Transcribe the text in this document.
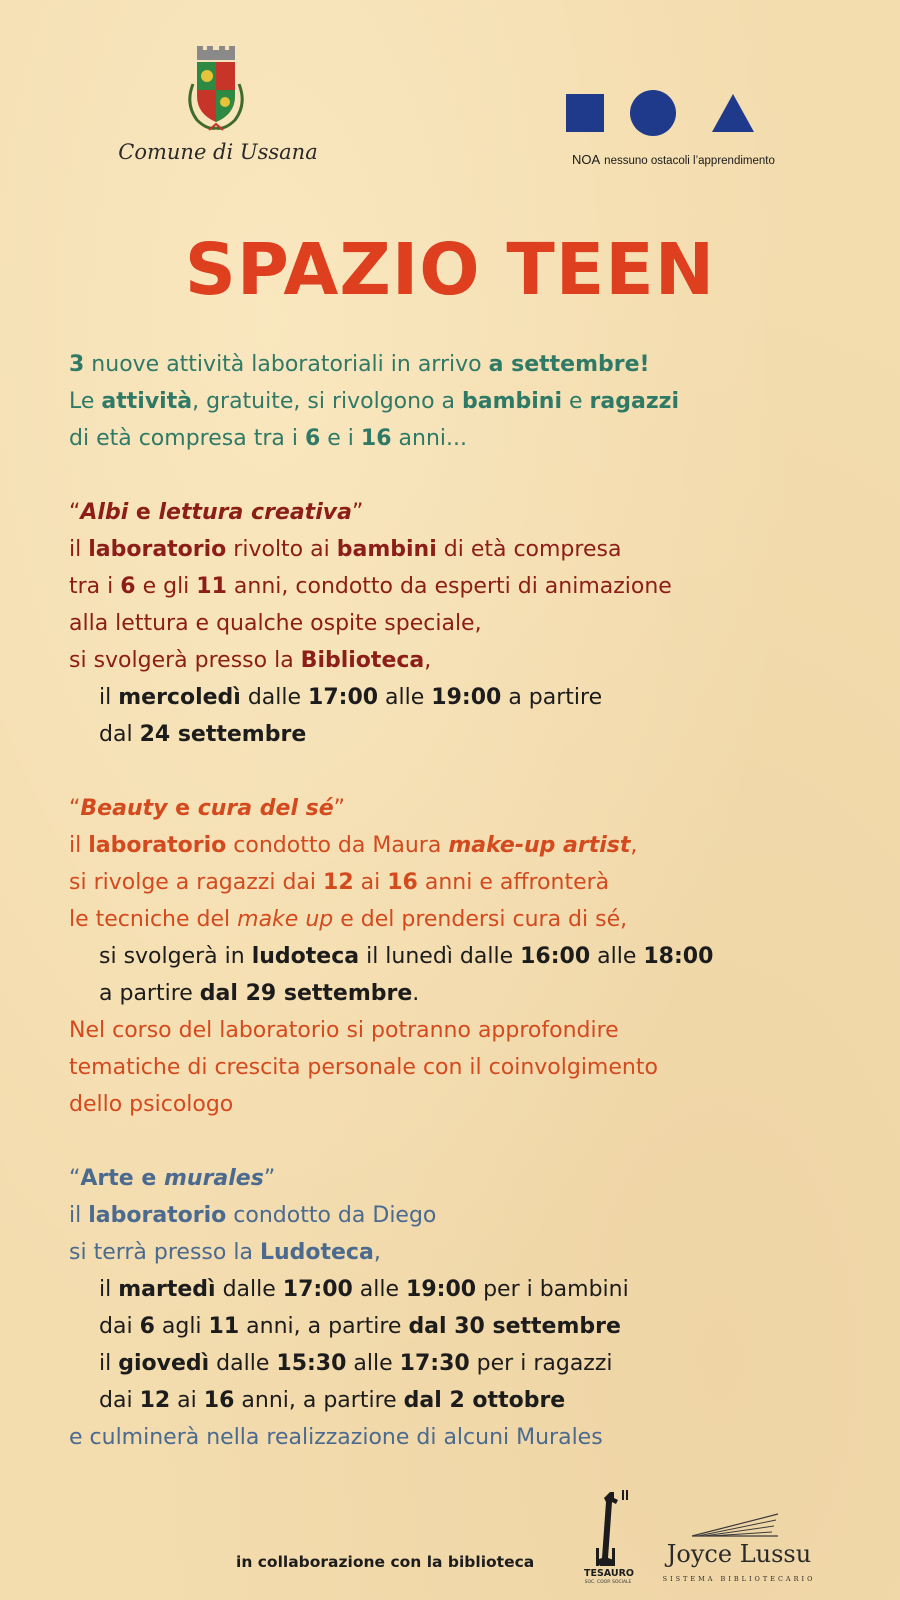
Comune di Ussana	NOA nessuno ostacoli l’apprendimento
SPAZIO TEEN
3 nuove attività laboratoriali in arrivo a settembre!
Le attività, gratuite, si rivolgono a bambini e ragazzi
di età compresa tra i 6 e i 16 anni...
“Albi e lettura creativa”
il laboratorio rivolto ai bambini di età compresa
tra i 6 e gli 11 anni, condotto da esperti di animazione
alla lettura e qualche ospite speciale,
si svolgerà presso la Biblioteca,
il mercoledì dalle 17:00 alle 19:00 a partire
dal 24 settembre
“Beauty e cura del sé”
il laboratorio condotto da Maura make-up artist,
si rivolge a ragazzi dai 12 ai 16 anni e affronterà
le tecniche del make up e del prendersi cura di sé,
si svolgerà in ludoteca il lunedì dalle 16:00 alle 18:00
a partire dal 29 settembre.
Nel corso del laboratorio si potranno approfondire
tematiche di crescita personale con il coinvolgimento
dello psicologo
“Arte e murales”
il laboratorio condotto da Diego
si terrà presso la Ludoteca,
il martedì dalle 17:00 alle 19:00 per i bambini
dai 6 agli 11 anni, a partire dal 30 settembre
il giovedì dalle 15:30 alle 17:30 per i ragazzi
dai 12 ai 16 anni, a partire dal 2 ottobre
e culminerà nella realizzazione di alcuni Murales
in collaborazione con la biblioteca
TESAURO
SOC. COOP. SOCIALE
Joyce Lussu
SISTEMA BIBLIOTECARIO
